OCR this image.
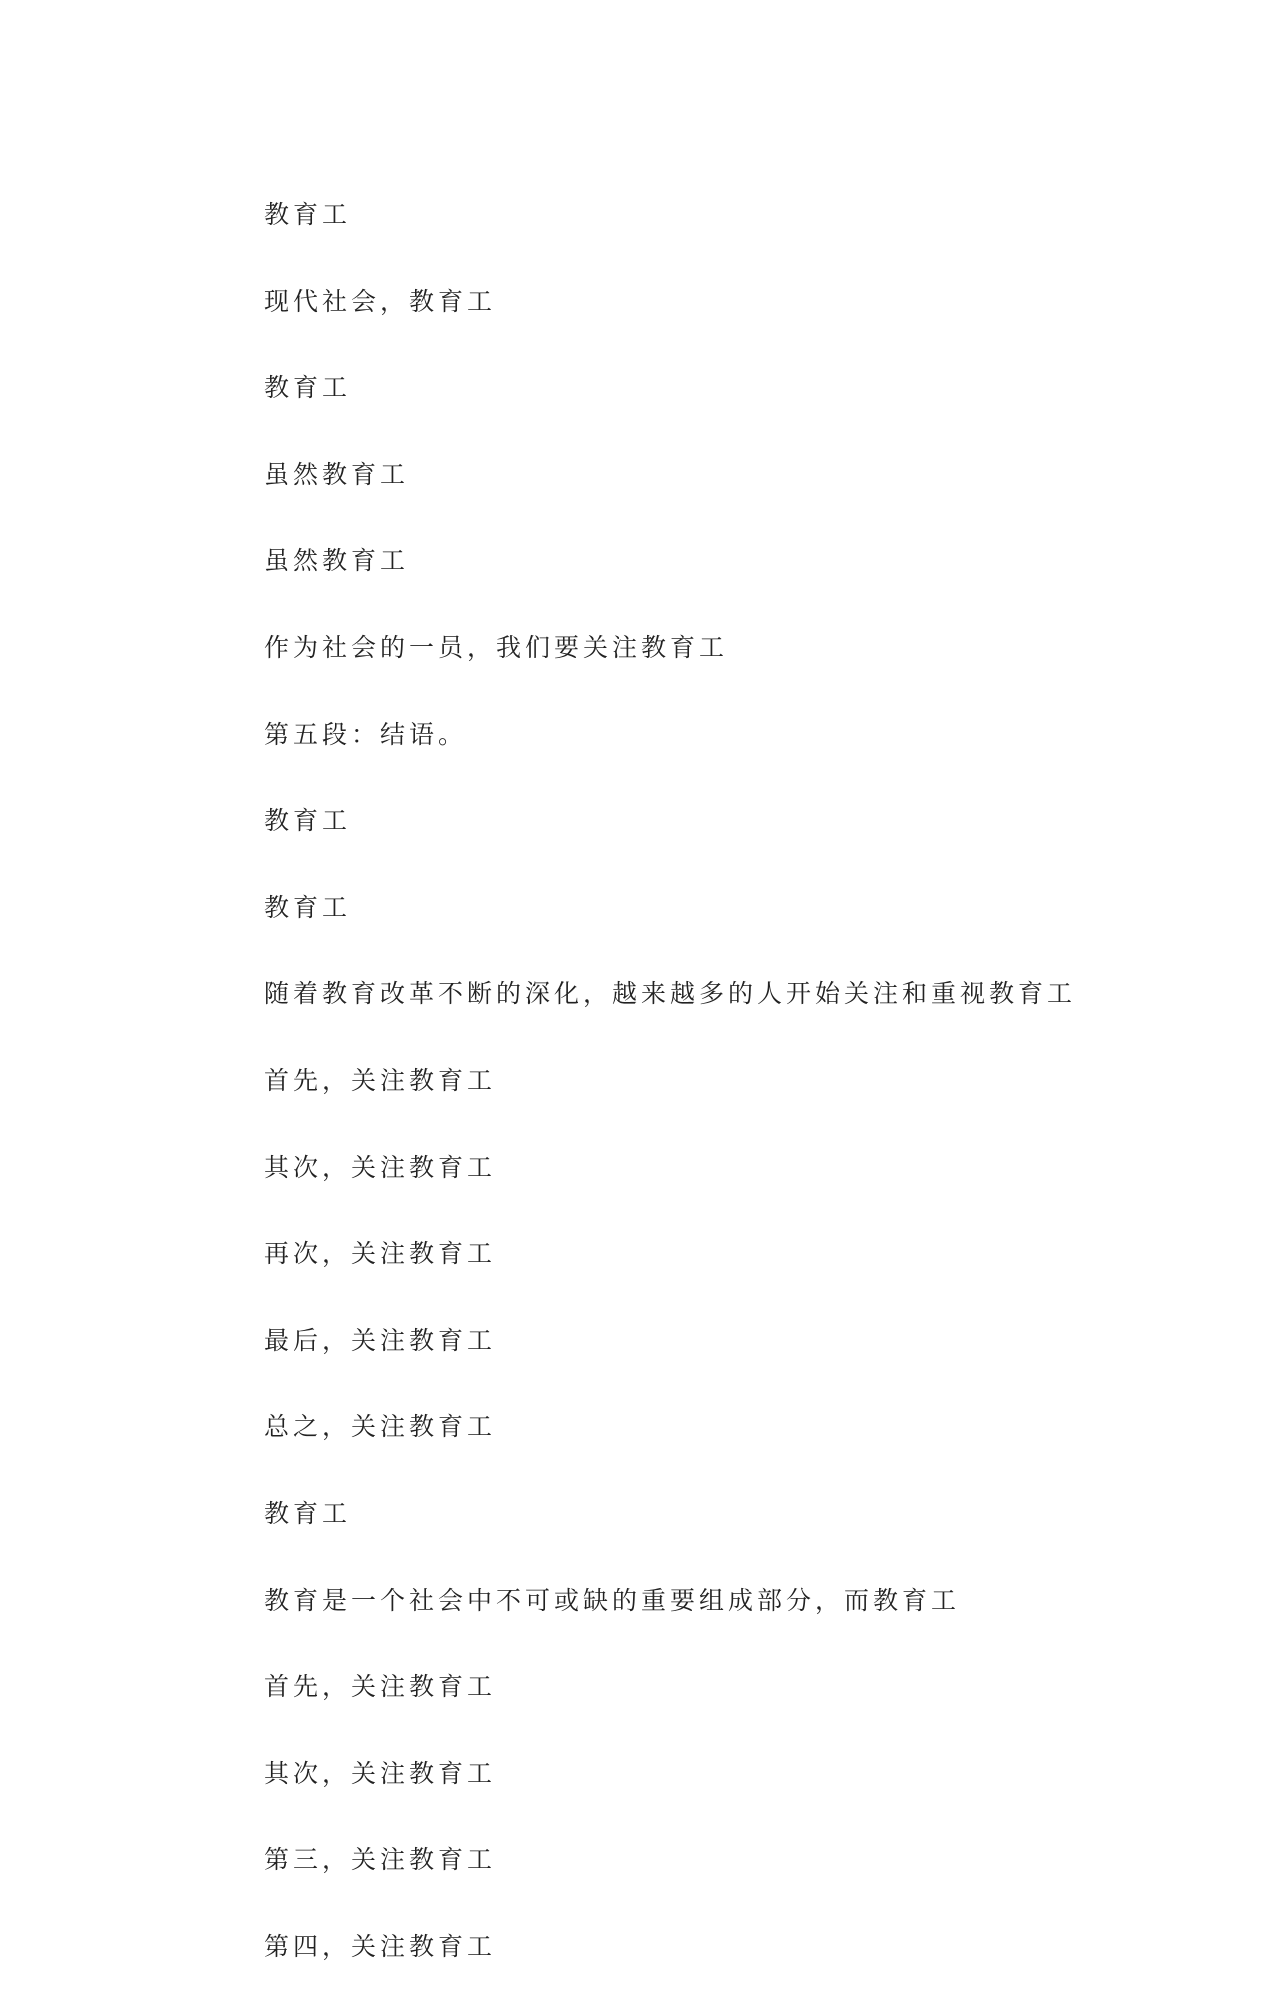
教育工

现代社会，教育工

教育工

虽然教育工

虽然教育工

作为社会的一员，我们要关注教育工

第五段：结语。

教育工

教育工

随着教育改革不断的深化，越来越多的人开始关注和重视教育工

首先，关注教育工

其次，关注教育工

再次，关注教育工

最后，关注教育工

总之，关注教育工

教育工

教育是一个社会中不可或缺的重要组成部分，而教育工

首先，关注教育工

其次，关注教育工

第三，关注教育工

第四，关注教育工
